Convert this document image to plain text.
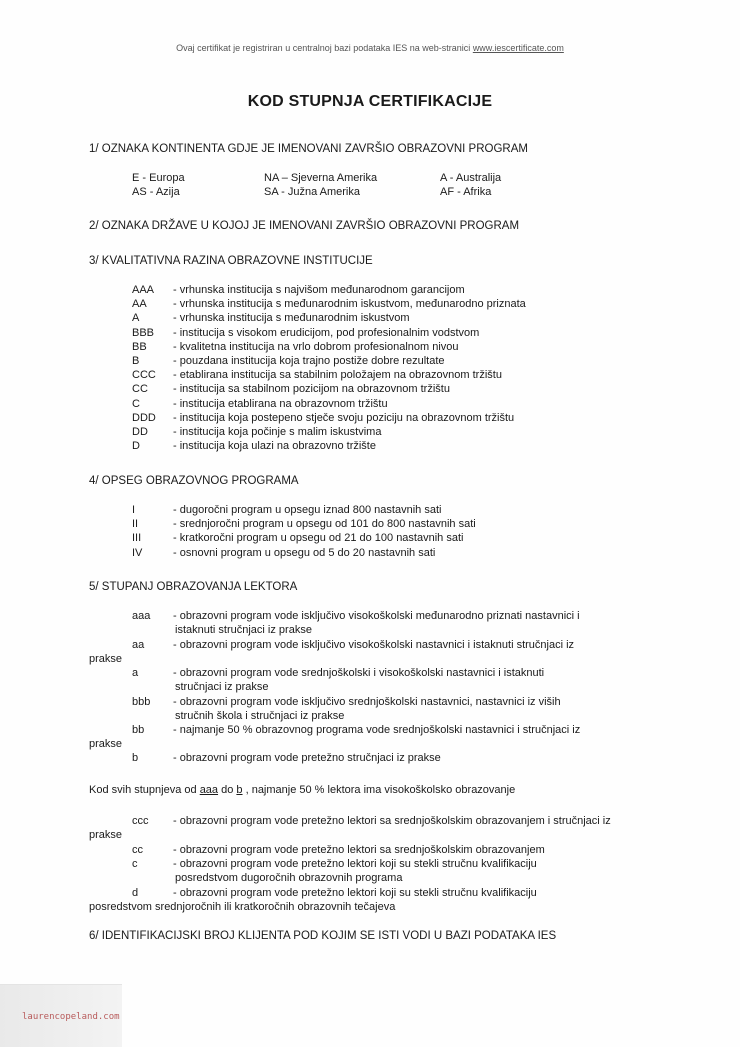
Ovaj certifikat je registriran u centralnoj bazi podataka IES na web-stranici www.iescertificate.com
KOD STUPNJA CERTIFIKACIJE
1/ OZNAKA KONTINENTA GDJE JE IMENOVANI ZAVRŠIO OBRAZOVNI PROGRAM
E - Europa	NA – Sjeverna Amerika	A - Australija
AS - Azija	SA - Južna Amerika	AF - Afrika
2/ OZNAKA DRŽAVE U KOJOJ JE IMENOVANI ZAVRŠIO OBRAZOVNI PROGRAM
3/ KVALITATIVNA RAZINA OBRAZOVNE INSTITUCIJE
AAA - vrhunska institucija s najvišom međunarodnom garancijom
AA - vrhunska institucija s međunarodnim iskustvom, međunarodno priznata
A	- vrhunska institucija s međunarodnim iskustvom
BBB - institucija s visokom erudicijom, pod profesionalnim vodstvom
BB - kvalitetna institucija na vrlo dobrom profesionalnom nivou
B	- pouzdana institucija koja trajno postiže dobre rezultate
CCC - etablirana institucija sa stabilnim položajem na obrazovnom tržištu
CC - institucija sa stabilnom pozicijom na obrazovnom tržištu
C	- institucija etablirana na obrazovnom tržištu
DDD - institucija koja postepeno stječe svoju poziciju na obrazovnom tržištu
DD - institucija koja počinje s malim iskustvima
D	- institucija koja ulazi na obrazovno tržište
4/ OPSEG OBRAZOVNOG PROGRAMA
I	- dugoročni program u opsegu iznad 800 nastavnih sati
II	- srednjoročni program u opsegu od 101 do 800 nastavnih sati
III	- kratkoročni program u opsegu od 21 do 100 nastavnih sati
IV	- osnovni program u opsegu od 5 do 20 nastavnih sati
5/ STUPANJ OBRAZOVANJA LEKTORA
aaa - obrazovni program vode isključivo visokoškolski međunarodno priznati nastavnici i
istaknuti stručnjaci iz prakse
aa	- obrazovni program vode isključivo visokoškolski nastavnici i istaknuti stručnjaci iz
prakse
a	- obrazovni program vode srednjoškolski i visokoškolski nastavnici i istaknuti
stručnjaci iz prakse
bbb - obrazovni program vode isključivo srednjoškolski nastavnici, nastavnici iz viših
stručnih škola i stručnjaci iz prakse
bb	- najmanje 50 % obrazovnog programa vode srednjoškolski nastavnici i stručnjaci iz
prakse
b	- obrazovni program vode pretežno stručnjaci iz prakse
Kod svih stupnjeva od aaa do b , najmanje 50 % lektora ima visokoškolsko obrazovanje
ccc - obrazovni program vode pretežno lektori sa srednjoškolskim obrazovanjem i stručnjaci iz
prakse
cc	- obrazovni program vode pretežno lektori sa srednjoškolskim obrazovanjem
c	- obrazovni program vode pretežno lektori koji su stekli stručnu kvalifikaciju
posredstvom dugoročnih obrazovnih programa
d	- obrazovni program vode pretežno lektori koji su stekli stručnu kvalifikaciju
posredstvom srednjoročnih ili kratkoročnih obrazovnih tečajeva
6/ IDENTIFIKACIJSKI BROJ KLIJENTA POD KOJIM SE ISTI VODI U BAZI PODATAKA IES
laurencopeland.com
